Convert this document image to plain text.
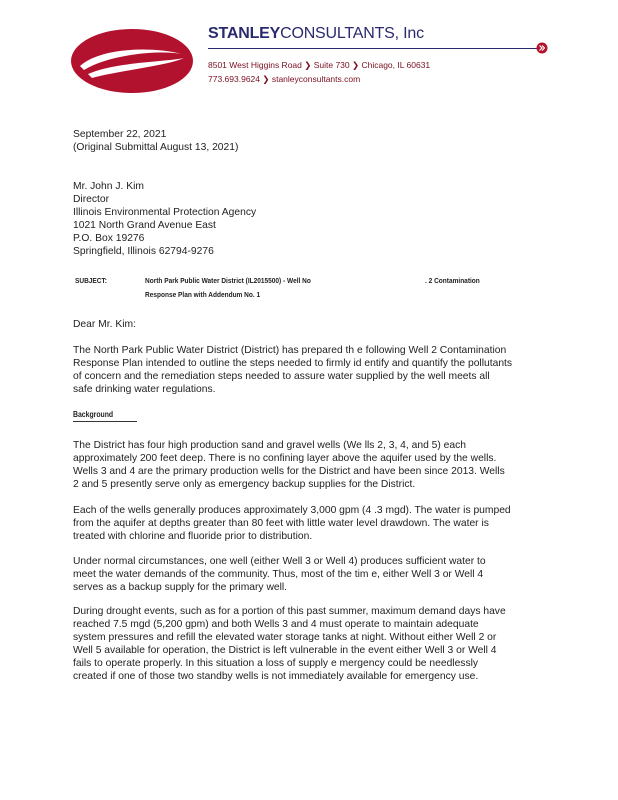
STANLEYCONSULTANTS, Inc
8501 West Higgins Road ❯ Suite 730 ❯ Chicago, IL 60631
773.693.9624 ❯ stanleyconsultants.com
September 22, 2021
(Original Submittal August 13, 2021)
Mr. John J. Kim
Director
Illinois Environmental Protection Agency
1021 North Grand Avenue East
P.O. Box 19276
Springfield, Illinois 62794-9276
SUBJECT:	North Park Public Water District (IL2015500) - Well No	. 2 Contamination
Response Plan with Addendum No. 1
Dear Mr. Kim:
The North Park Public Water District (District) has prepared th e following Well 2 Contamination
Response Plan intended to outline the steps needed to firmly id entify and quantify the pollutants
of concern and the remediation steps needed to assure water supplied by the well meets all
safe drinking water regulations.
Background
The District has four high production sand and gravel wells (We lls 2, 3, 4, and 5) each
approximately 200 feet deep. There is no confining layer above the aquifer used by the wells.
Wells 3 and 4 are the primary production wells for the District and have been since 2013. Wells
2 and 5 presently serve only as emergency backup supplies for the District.
Each of the wells generally produces approximately 3,000 gpm (4 .3 mgd). The water is pumped
from the aquifer at depths greater than 80 feet with little water level drawdown. The water is
treated with chlorine and fluoride prior to distribution.
Under normal circumstances, one well (either Well 3 or Well 4) produces sufficient water to
meet the water demands of the community. Thus, most of the tim e, either Well 3 or Well 4
serves as a backup supply for the primary well.
During drought events, such as for a portion of this past summer, maximum demand days have
reached 7.5 mgd (5,200 gpm) and both Wells 3 and 4 must operate to maintain adequate
system pressures and refill the elevated water storage tanks at night. Without either Well 2 or
Well 5 available for operation, the District is left vulnerable in the event either Well 3 or Well 4
fails to operate properly. In this situation a loss of supply e mergency could be needlessly
created if one of those two standby wells is not immediately available for emergency use.
